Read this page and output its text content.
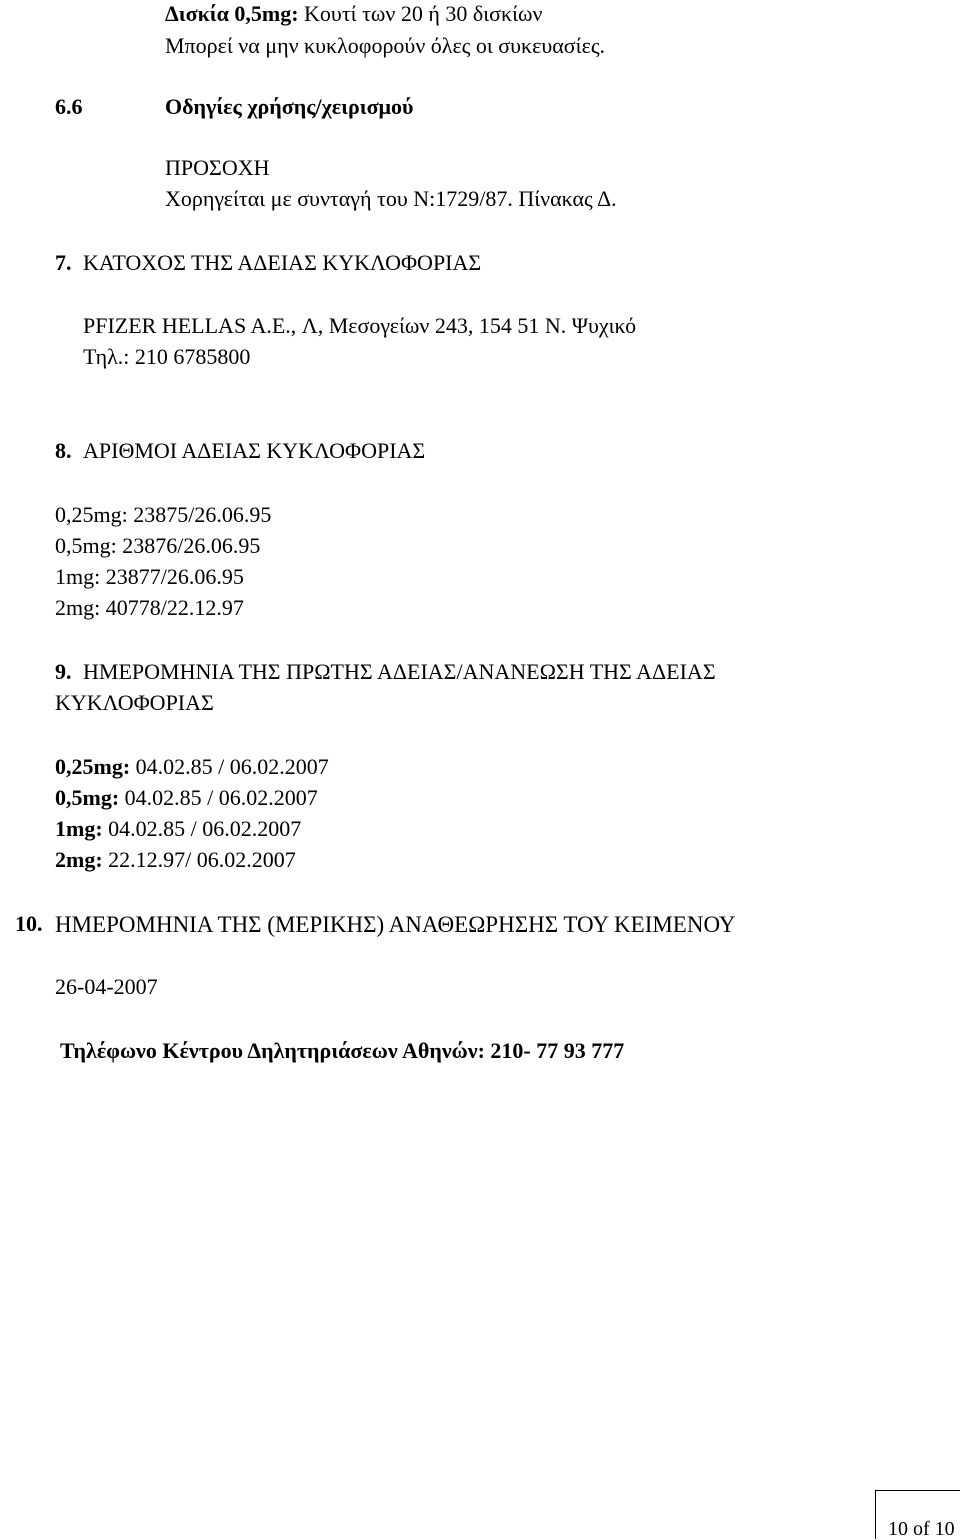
Δισκία 0,5mg: Κουτί των 20 ή 30 δισκίων
Μπορεί να μην κυκλοφορούν όλες οι συκευασίες.
6.6	Οδηγίες χρήσης/χειρισμού
ΠΡΟΣΟΧΗ
Χορηγείται με συνταγή του Ν:1729/87. Πίνακας Δ.
7. ΚΑΤΟΧΟΣ ΤΗΣ ΑΔΕΙΑΣ ΚΥΚΛΟΦΟΡΙΑΣ
PFIZER HELLAS A.E., Λ, Μεσογείων 243, 154 51 Ν. Ψυχικό
Τηλ.: 210 6785800
8. ΑΡΙΘΜΟΙ ΑΔΕΙΑΣ ΚΥΚΛΟΦΟΡΙΑΣ
0,25mg: 23875/26.06.95
0,5mg: 23876/26.06.95
1mg: 23877/26.06.95
2mg: 40778/22.12.97
9. ΗΜΕΡΟΜΗΝΙΑ ΤΗΣ ΠΡΩΤΗΣ ΑΔΕΙΑΣ/ΑΝΑΝΕΩΣΗ ΤΗΣ ΑΔΕΙΑΣ
ΚΥΚΛΟΦΟΡΙΑΣ
0,25mg: 04.02.85 / 06.02.2007
0,5mg: 04.02.85 / 06.02.2007
1mg: 04.02.85 / 06.02.2007
2mg: 22.12.97/ 06.02.2007
10. ΗΜΕΡΟΜΗΝΙΑ ΤΗΣ (ΜΕΡΙΚΗΣ) ΑΝΑΘΕΩΡΗΣΗΣ ΤΟΥ ΚΕΙΜΕΝΟΥ
26-04-2007
Τηλέφωνο Κέντρου Δηλητηριάσεων Αθηνών: 210- 77 93 777
10 of 10
